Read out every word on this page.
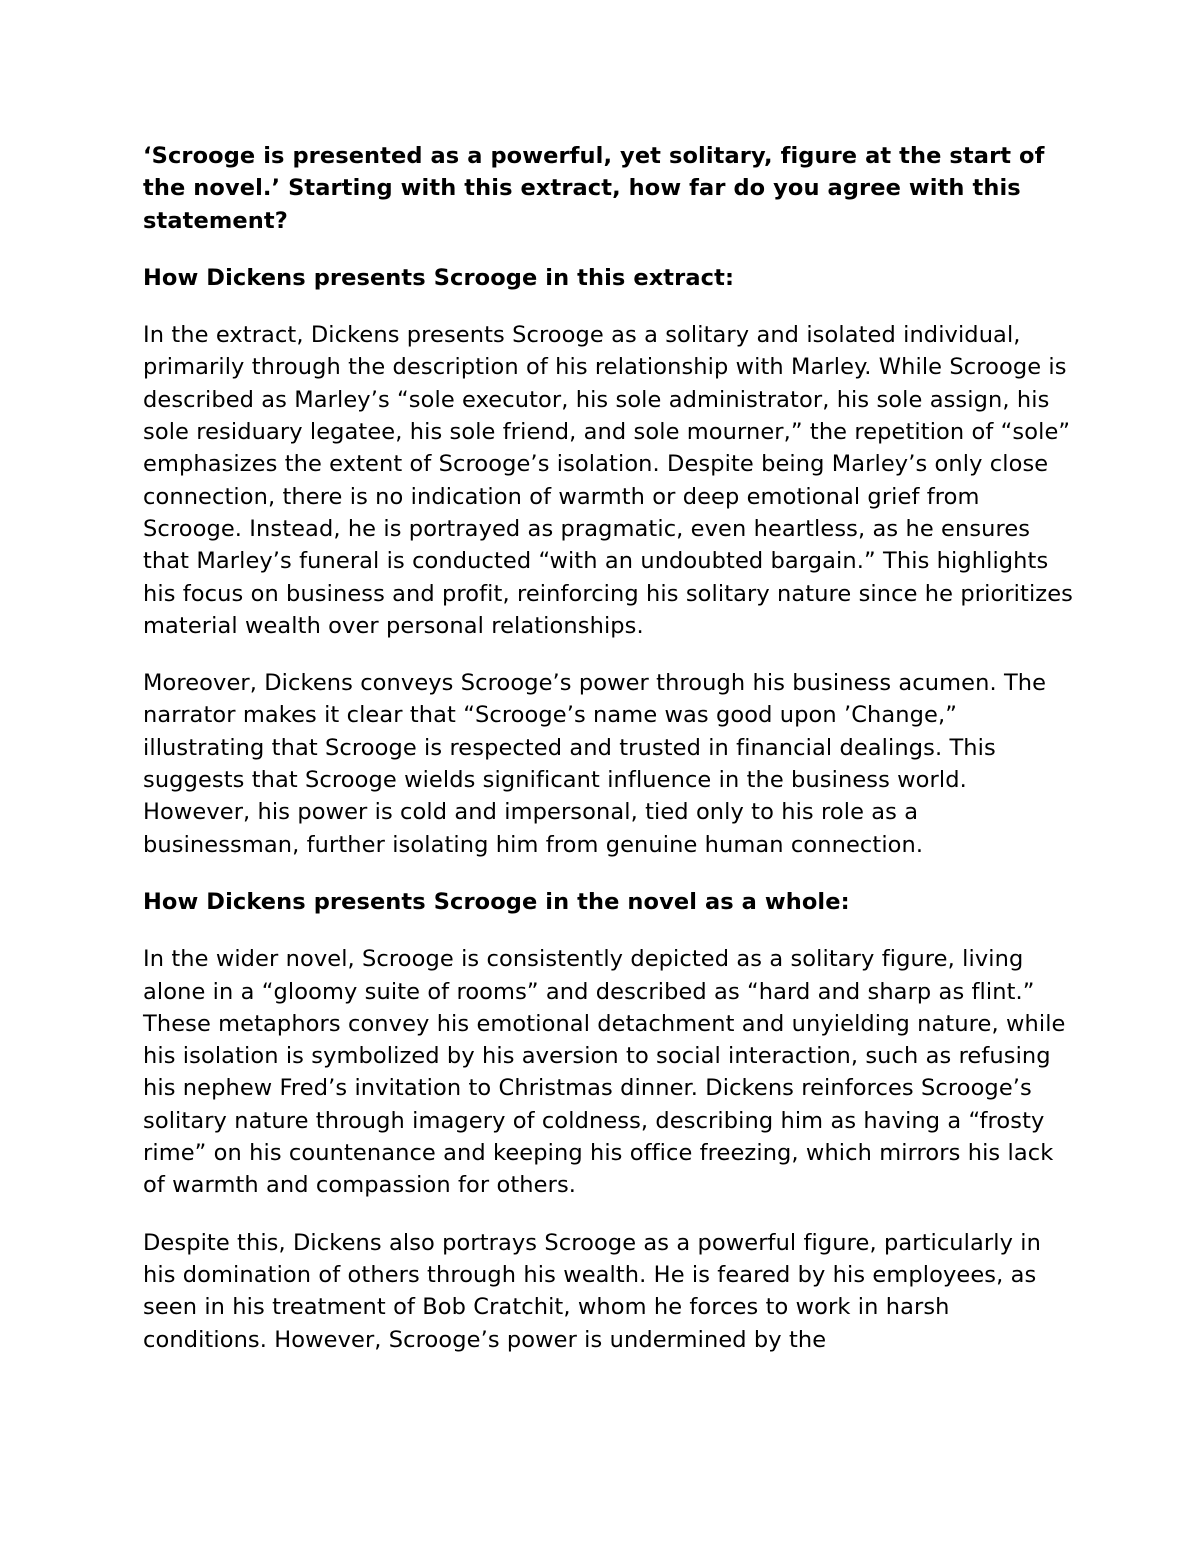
‘Scrooge is presented as a powerful, yet solitary, figure at the start of the novel.’ Starting with this extract, how far do you agree with this statement?

How Dickens presents Scrooge in this extract:

In the extract, Dickens presents Scrooge as a solitary and isolated individual, primarily through the description of his relationship with Marley. While Scrooge is described as Marley’s “sole executor, his sole administrator, his sole assign, his sole residuary legatee, his sole friend, and sole mourner,” the repetition of “sole” emphasizes the extent of Scrooge’s isolation. Despite being Marley’s only close connection, there is no indication of warmth or deep emotional grief from Scrooge. Instead, he is portrayed as pragmatic, even heartless, as he ensures that Marley’s funeral is conducted “with an undoubted bargain.” This highlights his focus on business and profit, reinforcing his solitary nature since he prioritizes material wealth over personal relationships.

Moreover, Dickens conveys Scrooge’s power through his business acumen. The narrator makes it clear that “Scrooge’s name was good upon ’Change,” illustrating that Scrooge is respected and trusted in financial dealings. This suggests that Scrooge wields significant influence in the business world. However, his power is cold and impersonal, tied only to his role as a businessman, further isolating him from genuine human connection.

How Dickens presents Scrooge in the novel as a whole:

In the wider novel, Scrooge is consistently depicted as a solitary figure, living alone in a “gloomy suite of rooms” and described as “hard and sharp as flint.” These metaphors convey his emotional detachment and unyielding nature, while his isolation is symbolized by his aversion to social interaction, such as refusing his nephew Fred’s invitation to Christmas dinner. Dickens reinforces Scrooge’s solitary nature through imagery of coldness, describing him as having a “frosty rime” on his countenance and keeping his office freezing, which mirrors his lack of warmth and compassion for others.

Despite this, Dickens also portrays Scrooge as a powerful figure, particularly in his domination of others through his wealth. He is feared by his employees, as seen in his treatment of Bob Cratchit, whom he forces to work in harsh conditions. However, Scrooge’s power is undermined by the
